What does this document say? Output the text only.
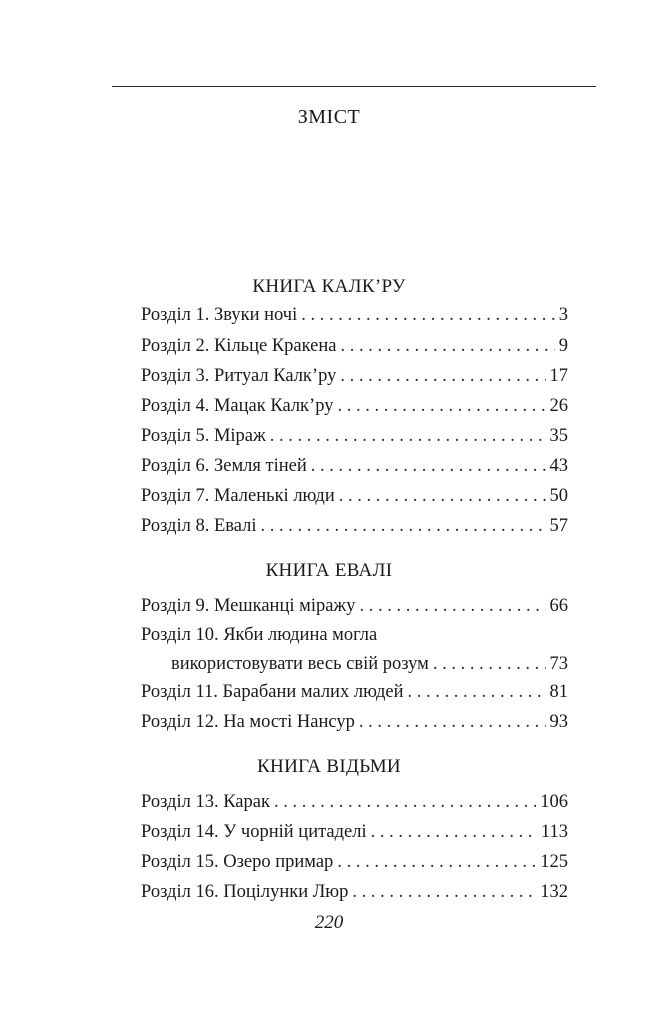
ЗМІСТ
КНИГА КАЛК’РУ
Розділ 1. Звуки ночі . . .	3
Розділ 2. Кільце Кракена . . .	9
Розділ 3. Ритуал Калк’ру . . .	17
Розділ 4. Мацак Калк’ру . . .	26
Розділ 5. Міраж . . .	35
Розділ 6. Земля тіней . . .	43
Розділ 7. Маленькі люди . . .	50
Розділ 8. Евалі . . .	57
КНИГА ЕВАЛІ
Розділ 9. Мешканці міражу . . .	66
Розділ 10. Якби людина могла
використовувати весь свій розум . . .	73
Розділ 11. Барабани малих людей . . .	81
Розділ 12. На мості Нансур . . .	93
КНИГА ВІДЬМИ
Розділ 13. Карак . . .	106
Розділ 14. У чорній цитаделі . . .	113
Розділ 15. Озеро примар . . .	125
Розділ 16. Поцілунки Люр . . .	132
220
